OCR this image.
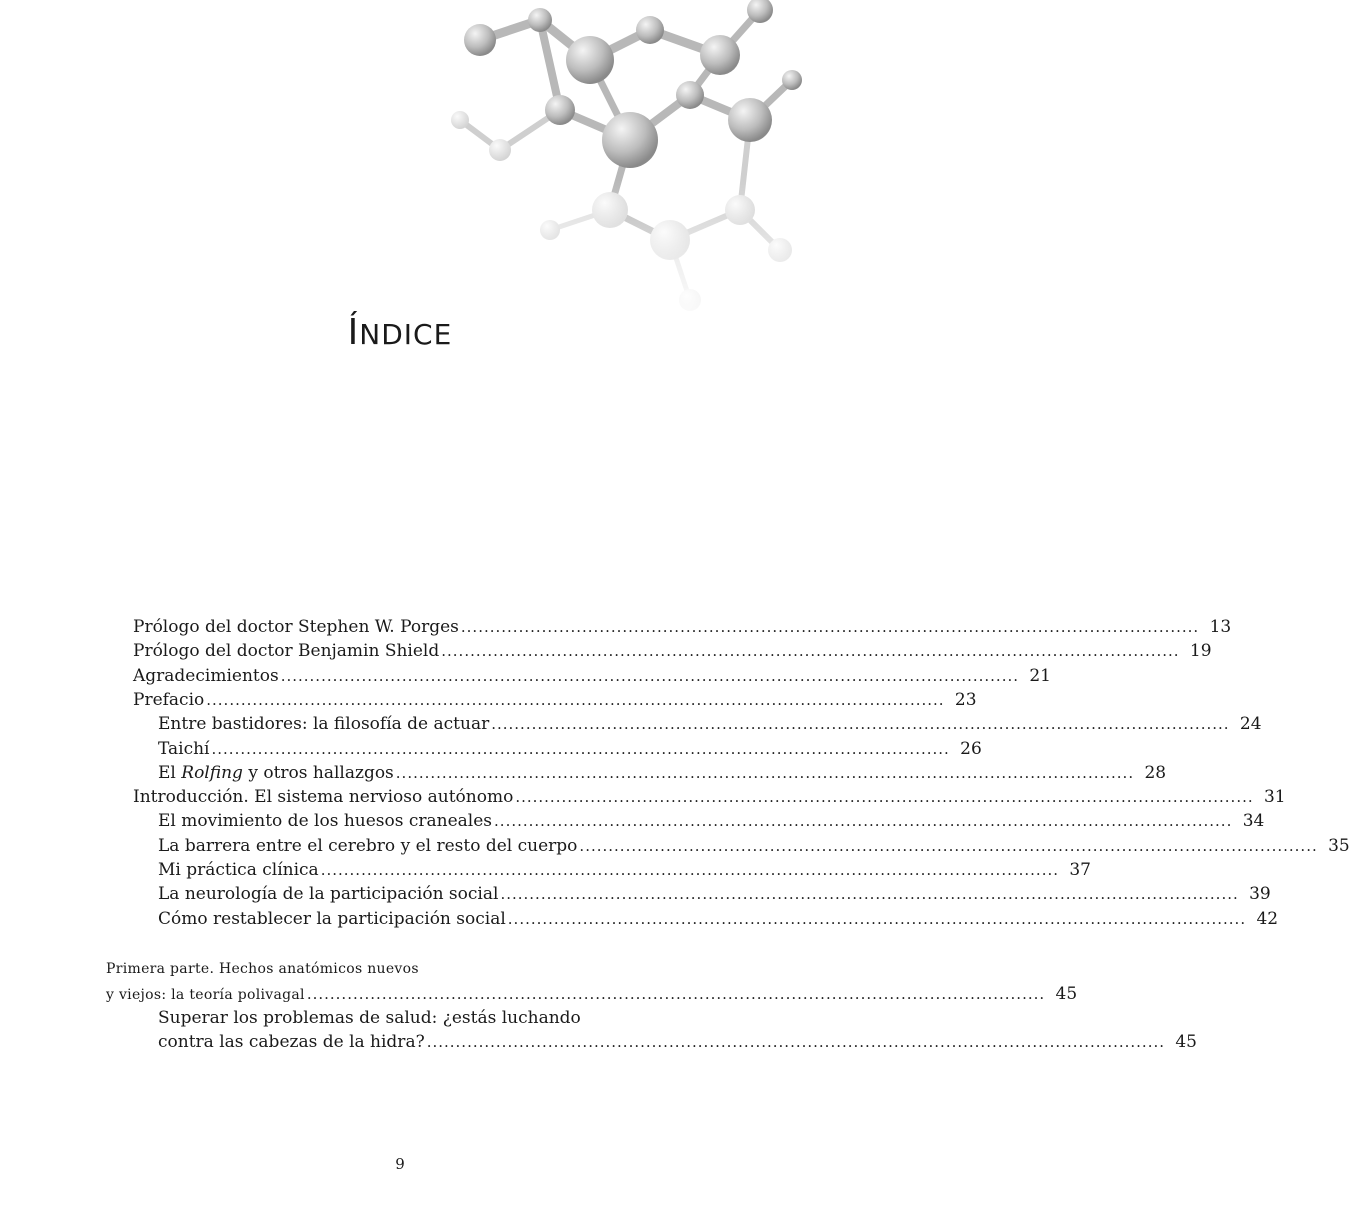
ÍNDICE
Prólogo del doctor Stephen W. Porges ................................................................................................................................ 13
Prólogo del doctor Benjamin Shield ................................................................................................................................ 19
Agradecimientos ................................................................................................................................ 21
Prefacio ................................................................................................................................ 23
Entre bastidores: la filosofía de actuar ................................................................................................................................ 24
Taichí ................................................................................................................................ 26
El Rolfing y otros hallazgos ................................................................................................................................ 28
Introducción. El sistema nervioso autónomo ................................................................................................................................ 31
El movimiento de los huesos craneales ................................................................................................................................ 34
La barrera entre el cerebro y el resto del cuerpo ................................................................................................................................ 35
Mi práctica clínica ................................................................................................................................ 37
La neurología de la participación social ................................................................................................................................ 39
Cómo restablecer la participación social ................................................................................................................................ 42
Primera parte. Hechos anatómicos nuevos
y viejos: la teoría polivagal ................................................................................................................................ 45
Superar los problemas de salud: ¿estás luchando
contra las cabezas de la hidra? ................................................................................................................................ 45
9
